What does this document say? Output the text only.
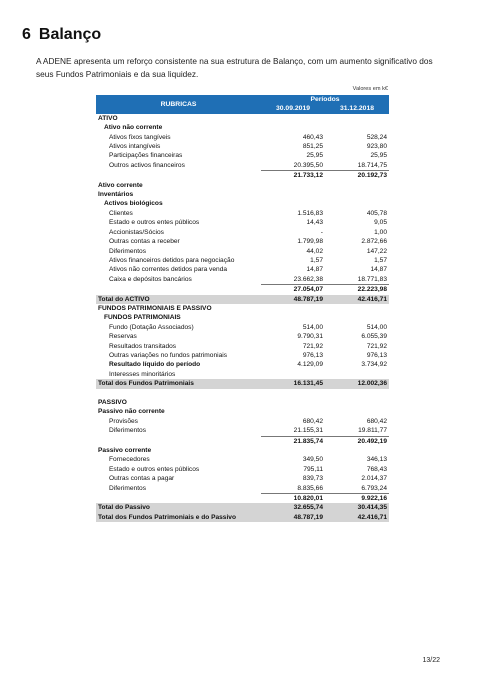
6 Balanço
A ADENE apresenta um reforço consistente na sua estrutura de Balanço, com um aumento significativo dos seus Fundos Patrimoniais e da sua liquidez.
Valores em k€
RUBRICAS	Períodos	
	30.09.2019	31.12.2018
ATIVO		
Ativo não corrente		
Ativos fixos tangíveis	460,43	528,24
Ativos intangíveis	851,25	923,80
Participações financeiras	25,95	25,95
Outros activos financeiros	20.395,50	18.714,75
	21.733,12	20.192,73
Ativo corrente		
Inventários		
Activos biológicos		
Clientes	1.516,83	405,78
Estado e outros entes públicos	14,43	9,05
Accionistas/Sócios	-	1,00
Outras contas a receber	1.799,98	2.872,66
Diferimentos	44,02	147,22
Ativos financeiros detidos para negociação	1,57	1,57
Ativos não correntes detidos para venda	14,87	14,87
Caixa e depósitos bancários	23.662,38	18.771,83
	27.054,07	22.223,98
Total do ACTIVO	48.787,19	42.416,71
FUNDOS PATRIMONIAIS E PASSIVO		
FUNDOS PATRIMONIAIS		
Fundo (Dotação Associados)	514,00	514,00
Reservas	9.790,31	6.055,39
Resultados transitados	721,92	721,92
Outras variações no fundos patrimoniais	976,13	976,13
Resultado líquido do período	4.129,09	3.734,92
Interesses minoritários		
Total dos Fundos Patrimoniais	16.131,45	12.002,36

PASSIVO		
Passivo não corrente		
Provisões	680,42	680,42
Diferimentos	21.155,31	19.811,77
	21.835,74	20.492,19
Passivo corrente		
Fornecedores	349,50	346,13
Estado e outros entes públicos	795,11	768,43
Outras contas a pagar	839,73	2.014,37
Diferimentos	8.835,66	6.793,24
	10.820,01	9.922,16
Total do Passivo	32.655,74	30.414,35
Total dos Fundos Patrimoniais e do Passivo	48.787,19	42.416,71
13/22
